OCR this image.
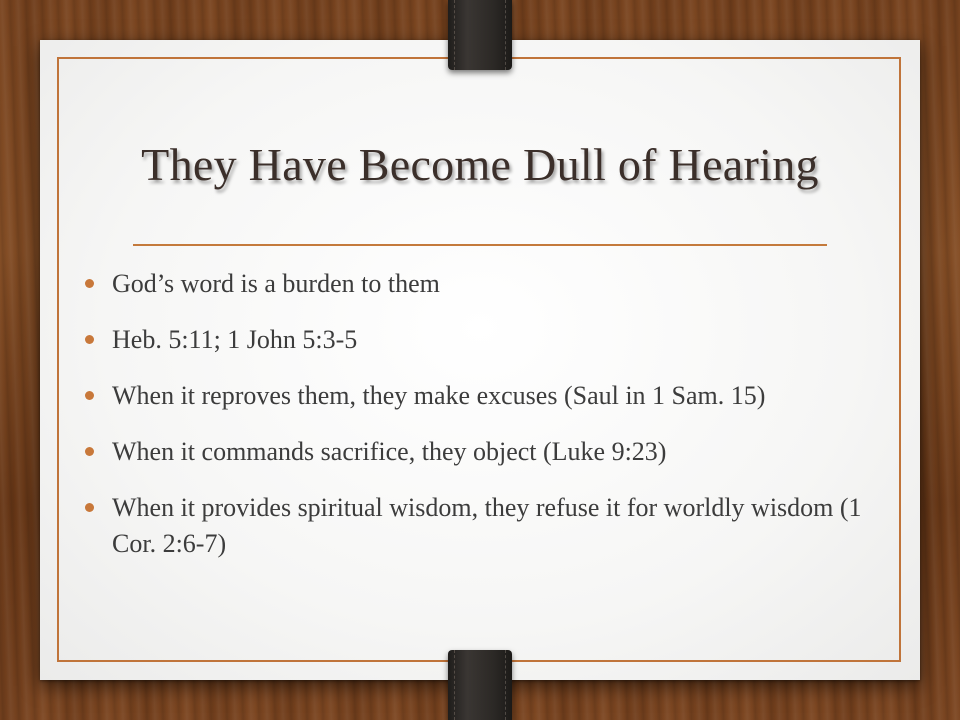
They Have Become Dull of Hearing
God’s word is a burden to them
Heb. 5:11; 1 John 5:3-5
When it reproves them, they make excuses (Saul in 1 Sam. 15)
When it commands sacrifice, they object (Luke 9:23)
When it provides spiritual wisdom, they refuse it for worldly wisdom (1 Cor. 2:6-7)
